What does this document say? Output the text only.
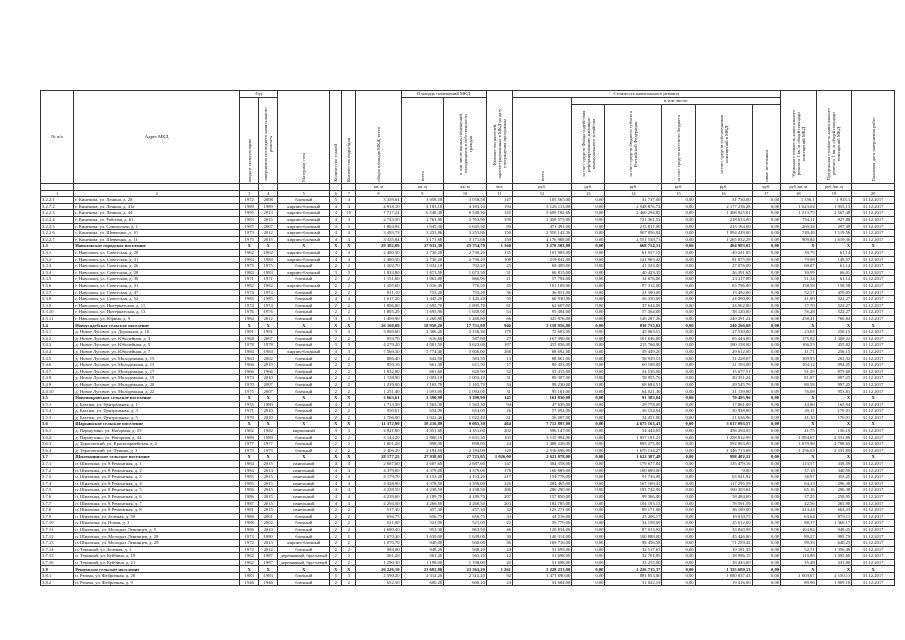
№ п/п	Адрес МКД	Год		Материал стен	Количество этажей	Количество подъездов	общая площадь МКД, всего	Площадь помещений МКД		Количество жителей, зарегистрированных в МКД на дату утверждения программы	Стоимость капитального ремонта						Удельная стоимость капитального ремонта 1 кв. м общей площади помещений МКД	Предельная стоимость капитального ремонта 1 кв. м общей площади помещений МКД	Плановая дата завершения работ
		ввода в эксплуатацию	завершения последнего капитального ремонта					всего	в том числе жилых помещений, находящихся в собственности граждан		всего	в том числе:							
												за счет средств Фонда содействия реформированию жилищно-коммунального хозяйства	за счет средств бюджета субъекта Российской Федерации	за счет средств местного бюджета	за счет средств собственников помещений в МКД	иные источники			
							кв. м	кв. м	кв. м	чел.	руб.	руб.	руб.	руб.	руб.	руб.	руб./кв. м	руб./кв. м	
1	2	3	4	5	6	7	8	9	10	11	12	13	14	15	16	17	18	19	20
3.2.2.1	г. Кинешма, ул. Ленина, д. 28	1972	2008	блочный	5	4	3 359,64	3 058,58	3 058,58	147	105 565,00	0,00	31 737,00	0,00	31 730,00	0,00	1 356,1	1 935,1	31.12.2017
3.2.7.2	г. Кинешма, ул. Ленина, д. 41а	1989	1989	кирпич-блочный	4	4	4 918,10	4 183,10	4 183,10	194	5 126 113,00	0,00	2 948 876,72	0,00	2 177 236,28	0,00	1 623,04	1 955,13	31.12.2017
3.2.2.3	г. Кинешма, ул. Ленина, д. 44	1995	2013	кирпич-блочный	4	10	7 717,24	6 548,30	6 548,30	145	5 609 182,66	0,00	2 460 294,85	0,00	1 468 025,01	0,00	1 513,75	2 567,48	31.12.2017
3.2.2.4	г. Кинешма, ул. Рабочая, д. 61	1983	2015	кирпич-блочный	4	4	2 723,50	2 763,90	2 763,90	159	1 458 575,00	0,00	721 361,52	0,00	218 633,00	0,00	754,11	927,88	31.12.2017
3.2.2.5	г. Кинешма, ул. Сокольская, д. 1	1987	2007	кирпич-блочный	3	3	1 804,94	1 645,30	1 645,30	80	471 491,00	0,00	215 817,00	0,00	213 164,00	0,00	269,34	297,39	31.12.2017
3.2.2.6	г. Кинешма, ул. Шевченко, д. 10	1973	2012	кирпич-блочный	4	4	3 493,73	3 253,86	3 253,86	156	2 550 142,36	0,00	907 856,04	0,00	1 094 439,00	0,00	749,49	1 119,56	31.12.2017
3.2.2.7	г. Кинешма, ул. Шевченко, д. 11	1975	2015	кирпич-блочный	4	4	3 435,84	3 171,68	3 171,68	150	4 176 988,00	0,00	2 551 538,71	0,00	1 265 032,29	0,00	909,84	1 619,36	31.12.2017
3.3	Наволокское городское поселение	X	X	X	X	X	29 382,80	27 033,30	25 754,70	1 160	3 278 503,00	0,00	668 754,31	0,00	464 983,03	0,00	X	X	X
3.3.1	г. Наволоки, ул. Советская, д. 28	1962	1962	кирпич-блочный	4	4	2 480,50	2 730,20	2 730,20	135	101 983,00	0,00	61 557,15	0,00	40 241,85	0,00	39,79	61,14	31.12.2017
3.3.2	г. Наволоки, ул. Советская, д. 31	1984	1984	кирпич-блочный	4	4	2 480,50	2 730,20	2 730,20	108	219 841,00	0,00	121 965,42	0,00	81 875,58	0,00	79,08	148,57	31.12.2017
3.3.3	г. Наволоки, ул. Советская, д. 26	1975	1975	блочный	2	2	1 202,70	1 032,10	702,20	25	68 409,00	0,00	41 333,00	0,00	27 076,00	0,00	60,07	61,14	31.12.2017
3.3.4	г. Наволоки, ул. Советская, д. 28	1983	1983	кирпич-блочный	3	3	1 833,80	1 673,50	1 673,50	31	66 815,00	0,00	40 423,35	0,00	26 391,65	0,00	39,99	66,01	31.12.2017
3.3.5	г. Наволоки, ул. Советская, д. 30	1971	1971	блочный	2	2	1 151,60	1 063,80	866,90	21	57 794,00	0,00	34 676,00	0,00	23 117,00	0,00	51,34	61,14	31.12.2017
3.3.6	г. Наволоки, ул. Советская, д. 31	1982	1982	кирпич-блочный	2	2	1 105,60	1 016,40	776,50	45	161 109,00	0,00	97 312,00	0,00	63 796,00	0,00	158,58	158,58	31.12.2017
3.3.7	г. Наволоки, ул. Советская, д. 47	1974	1974	блочный	2	2	811,10	753,20	753,20	36	36 831,00	0,00	21 390,00	0,00	15 492,00	0,00	52,57	470,05	31.12.2017
3.3.8	г. Наволоки, ул. Советская, д. 52	1985	1985	блочный	4	4	1 617,20	1 445,20	1 445,20	50	60 930,00	0,00	36 330,00	0,00	24 290,00	0,00	41,90	522,27	31.12.2017
3.3.9	г. Наволоки, ул. Интернатская, д. 11	1974	1974	блочный	2	2	1 806,80	1 695,70	1 695,70	81	62 607,00	0,00	37 644,00	0,00	24 962,00	0,00	37,70	522,27	31.12.2017
3.3.10	г. Наволоки, ул. Интернатская, д. 13	1976	1976	блочный	2	2	1 805,20	1 695,90	1 658,90	54	95 484,00	0,00	57 364,00	0,00	38 120,00	0,00	56,28	522,27	31.12.2017
3.3.11	г. Наволоки, ул. Юрина, д. 9	1984	2012	блочный	3	3	1 409,90	1 260,80	1 260,80	66	325 876,00	0,00	126 287,26	0,00	249 291,24	0,00	258,41	760,84	31.12.2017
3.4	Новоусадебское сельское поселение	X	X	X	X	X	26 160,00	18 950,20	17 751,90	946	3 158 956,00	0,00	830 755,02	0,00	240 266,68	0,00	X	X	X
3.4.1	д. Новое Луговое, ул. Дорожная, д. 16	1991	1991	блочный	3	3	3 069,60	2 366,20	2 156,30	179	72 603,00	0,00	45 063,51	0,00	27 530,00	0,00	23,65	250,13	31.12.2017
3.4.2	д. Новое Луговое, ул. Юбилейная, д. 3	1968	2007	блочный	2	2	954,70	616,60	587,80	27	167 090,00	0,00	101 646,00	0,00	65 444,00	0,00	175,02	1 308,22	31.12.2017
3.4.3	д. Новое Луговое, ул. Юбилейная, д. 5	1978	1978	блочный	3	3	4 279,20	4 001,50	3 623,60	187	455 856,00	0,00	215 766,00	0,00	180 158,00	0,00	106,53	455,82	31.12.2017
3.4.4	д. Новое Луговое, ул. Юбилейная, д. 7	1984	1984	кирпич-блочный	3	3	7 569,30	5 774,40	5 606,00	268	88 692,00	0,00	59 449,20	0,00	29 612,00	0,00	11,71	256,15	31.12.2017
3.4.5	д. Новое Луговое, ул. Молодежная, д. 15	1964	2002	блочный	2	2	806,40	642,50	583,50	13	88 661,00	0,00	58 939,13	0,00	31 228,07	0,00	109,95	265,32	31.12.2017
3.4.6	д. Новое Луговое, ул. Молодежная, д. 13	1966	2010	блочный	2	2	859,10	661,30	611,50	17	89 453,00	0,00	60 188,00	0,00	31 193,00	0,00	104,12	994,25	31.12.2017
3.4.7	д. Новое Луговое, ул. Молодежная, д. 17	1966	1966	блочный	2	2	1 022,00	661,60	620,90	32	52 415,00	0,00	34 536,00	0,00	15 677,51	0,00	51,29	875,60	31.12.2017
3.4.8	д. Новое Луговое, ул. Молодежная, д. 19	1973	2010	блочный	2	2	1 158,90	1 003,10	1 003,10	31	89 307,00	0,00	58 955,76	0,00	30 351,24	0,00	81,87	997,25	31.12.2017
3.4.9	д. Новое Луговое, ул. Молодежная, д. 20	1970	2007	блочный	2	2	1 219,00	1 165,70	1 165,70	34	98 230,00	0,00	68 684,51	0,00	29 545,76	0,00	80,58	997,25	31.12.2017
3.4.10	д. Новое Луговое, ул. Молодежная, д. 22	1975	2007	блочный	2	2	1 251,40	1 093,00	1 093,00	31	95 161,00	0,00	64 021,30	0,00	31 139,90	0,00	76,08	953,81	31.12.2017
3.5	Новопокровское сельское поселение	X	X	X	X	X	3 663,61	3 390,90	3 390,90	145	161 830,00	0,00	91 383,04	0,00	70 495,96	0,00	X	X	X
3.5.1	д. Бахтиж, ул. Центральная, д. 1	1955	1989	блочный	4	4	1 713,30	1 563,30	1 563,30	94	47 639,00	0,00	29 778,00	0,00	17 861,00	0,00	43,86	165,94	31.12.2017
3.5.2	д. Бахтиж, ул. Центральная, д. 3	1971	2010	блочный	2	2	950,61	654,00	654,00	26	57 092,00	0,00	36 154,04	0,00	20 938,00	0,00	45,11	170,01	31.12.2017
3.5.3	д. Бахтиж, ул. Центральная, д. 5	1970	2010	блочный	2	2	1 706,00	1 022,40	1 022,40	31	56 087,00	0,00	34 451,00	0,00	21 636,96	0,00	41,10	170,01	31.12.2017
3.6	Шарьинское сельское поселение	X	X	X	X	X	11 372,90	10 216,80	9 065,30	464	7 712 897,00	0,00	4 675 163,43	0,00	3 637 093,57	0,00	X	X	X
3.6.1	д. Паршутино, ул. Нагорная, д. 55	1982	1982	кирпичный	3	3	4 921,80	4 351,60	4 351,60	202	596 147,00	0,00	54 444,05	0,00	456 294,05	0,00	41,75	156,19	31.12.2017
3.6.2	д. Паршутино, ул. Нагорная, д. 34	1989	1989	блочный	2	2	3 144,20	2 880,10	1 631,30	103	3 115 994,00	0,00	1 857 191,21	0,00	1 258 812,99	0,00	1 084,67	2 531,80	31.12.2017
3.6.3	д. Тарасовский, ул. Красноармейская, д. 2	1977	1977	блочный	2	2	1 001,20	898,00	898,00	44	1 488 238,00	0,00	895 275,00	0,00	592 963,00	0,00	1 679,96	2 798,63	31.12.2017
3.6.4	д. Тарасовский, ул. Ленина, д. 3	1975	1975	блочный	2	2	2 406,20	2 194,50	2 184,00	120	2 516 698,00	0,00	1 670 134,27	0,00	1 346 713,68	0,00	1 256,63	2 531,80	31.12.2017
3.7	Шилекшинское сельское поселение	X	X	X	X	X	28 177,25	27 938,05	27 723,05	1 026,00	2 623 078,00	0,00	1 622 307,48	0,00	998 402,52	0,00	X	X	X
3.7.1	п. Шилекша, ул. 8 Ремонтная, д. 1	1984	2015	панельный	4	4	2 687,60	2 687,60	2 687,60	147	304 358,00	0,00	179 677,84	0,00	135 479,16	0,00	113,57	338,59	31.12.2017
3.7.2	п. Шилекша, ул. 8 Ремонтная, д. 2	1984	2013	панельный	4	4	4 379,00	4 379,00	4 379,00	178	160 889,00	0,00	100 889,00	0,00	0,00	0,00	37,18	340,50	31.12.2017
3.7.3	п. Шилекша, ул. 8 Ремонтная, д. 3	1985	2015	панельный	4	4	4 179,70	4 153,20	4 153,20	217	154 778,00	0,00	91 736,08	0,00	63 041,92	0,00	36,97	355,25	31.12.2017
3.7.4	п. Шилекша, ул. 8 Ремонтная, д. 4	1985	2015	панельный	4	4	4 428,90	4 378,50	4 356,00	226	284 465,00	0,00	167 169,41	0,00	117 295,59	0,00	64,23	296,38	31.12.2017
3.7.5	п. Шилекша, ул. 8 Ремонтная, д. 5	1986	2015	панельный	4	4	4 238,50	4 238,50	4 238,50	206	286 290,00	0,00	193 742,96	0,00	100 303,04	0,00	65,16	296,38	31.12.2017
3.7.6	п. Шилекша, ул. 8 Ремонтная, д. 6	1986	2015	панельный	4	4	4 239,60	4 189,70	4 189,70	207	157 850,00	0,00	99 366,00	0,00	58 484,00	0,00	37,25	258,95	31.12.2017
3.7.7	п. Шилекша, ул. 8 Ремонтная, д. 7	1987	2015	панельный	4	4	4 294,50	4 266,50	4 266,50	203	182 785,00	0,00	104 193,13	0,00	78 591,59	0,00	42,56	265,90	31.12.2017
3.7.8	п. Шилекша, ул. 8 Ремонтная, д. 8	1981	2015	панельный	2	2	517,30	457,30	457,30	32	125 271,00	0,00	89 171,00	0,00	36 100,00	0,00	214,24	663,23	31.12.2017
3.7.9	п. Шилекша, ул. Зеленая, д. 50	1986	2001	блочный	2	2	656,75	656,75	656,75	34	44 216,00	0,00	25 206,17	0,00	19 010,75	0,00	63,64	879,11	31.12.2017
3.7.10	п. Шилекша, ул. Новая, д. 3	1988	2002	блочный	2	2	521,00	521,00	521,00	22	59 770,00	0,00	34 158,00	0,00	25 612,00	0,00	88,37	1 360,17	31.12.2017
3.7.11	п. Шилекша, ул. Молодых Ленинцев, д. 5	1986	2010	блочный	2	2	1 680,40	951,30	863,50	46	120 834,00	0,00	87 013,02	0,00	33 820,98	0,00	104,82	948,25	31.12.2017
3.7.12	п. Шилекша, ул. Молодых Ленинцев, д. 28	1973	1980	блочный	2	2	1 670,30	1 639,00	1 639,00	30	146 314,00	0,00	100 888,00	0,00	45 426,00	0,00	89,27	985,79	31.12.2017
3.7.13	п. Шилекша, ул. Молодых Ленинцев, д. 29	1972	2013	кирпич-блочный	2	2	1 070,70	940,00	940,00	36	169 716,00	0,00	98 456,58	0,00	71 259,42	0,00	99,33	640,25	31.12.2017
3.7.14	п. Темпный, ул. Зеленая, д. 1	1972	2012	блочный	2	2	984,00	948,20	948,20	24	51 699,00	0,00	32 517,65	0,00	19 181,35	0,00	52,71	1 356,40	31.12.2017
3.7.15	п. Темпный, ул. Куйбина, д. 19	1962	1987	деревянный, брусчатый	2	2	561,20	561,20	561,20	12	51 698,00	0,00	32 701,85	0,00	18 996,15	0,00	110,86	1 095,60	31.12.2017
3.7.16	п. Темпный, ул. Куйбина, д. 21	1962	1987	деревянный, брусчатый	2	2	1 290,30	1 198,00	1 198,00	20	51 698,00	0,00	33 255,00	0,00	18 443,00	0,00	35,48	233,80	31.12.2017
3.8	Решемское сельское поселение	X	X	X	X	X	26 226,10	23 682,80	23 363,20	1 261	3 228 233,00	0,00	2 226 715,37	0,00	1 355 680,13	0,00	X	X	X
3.8.1	п. Решма, ул. Фабричная, д. 28	1983	1983	блочный	5	3	2 590,20	2 312,20	2 312,20	92	1 471 690,00	0,00	881 853,00	0,00	1 080 837,43	0,00	1 003,07	2 150,11	31.12.2017
3.8.2	п. Решма, ул. Фабричная, д. 9	1946	1946	блочный	2	2	652,50	600,20	600,20	24	54 604,00	0,00	31 022,19	0,00	19 416,00	0,00	89,96	1 009,10	31.12.2017
